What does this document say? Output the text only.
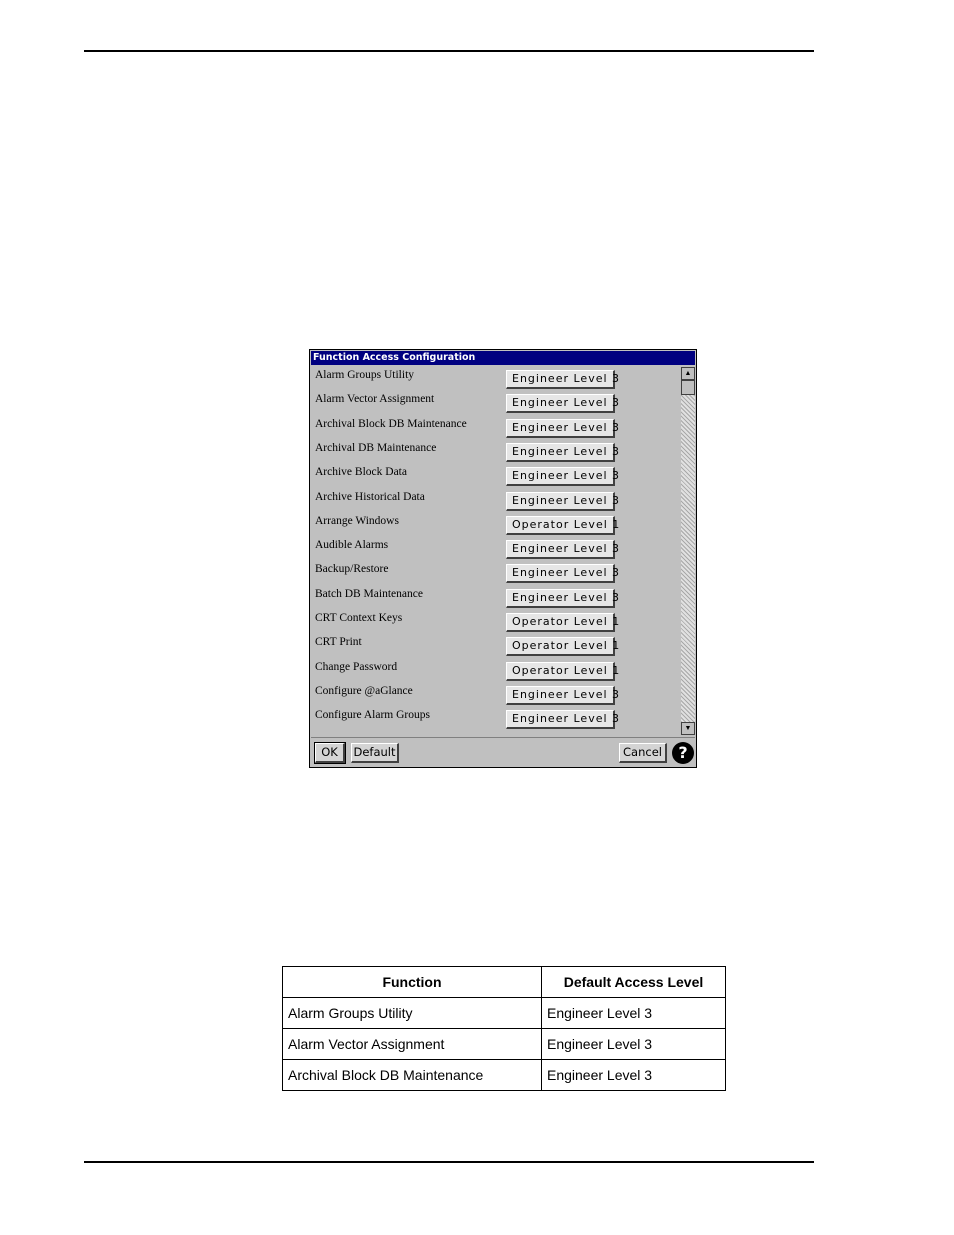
Function Access Configuration
Alarm Groups Utility	Engineer Level 3
Alarm Vector Assignment	Engineer Level 3
Archival Block DB Maintenance	Engineer Level 3
Archival DB Maintenance	Engineer Level 3
Archive Block Data	Engineer Level 3
Archive Historical Data	Engineer Level 3
Arrange Windows	Operator Level 1
Audible Alarms	Engineer Level 3
Backup/Restore	Engineer Level 3
Batch DB Maintenance	Engineer Level 3
CRT Context Keys	Operator Level 1
CRT Print	Operator Level 1
Change Password	Operator Level 1
Configure @aGlance	Engineer Level 3
Configure Alarm Groups	Engineer Level 3
▲
▼
OK	Default	Cancel	?
Function	Default Access Level
Alarm Groups Utility	Engineer Level 3
Alarm Vector Assignment	Engineer Level 3
Archival Block DB Maintenance	Engineer Level 3
